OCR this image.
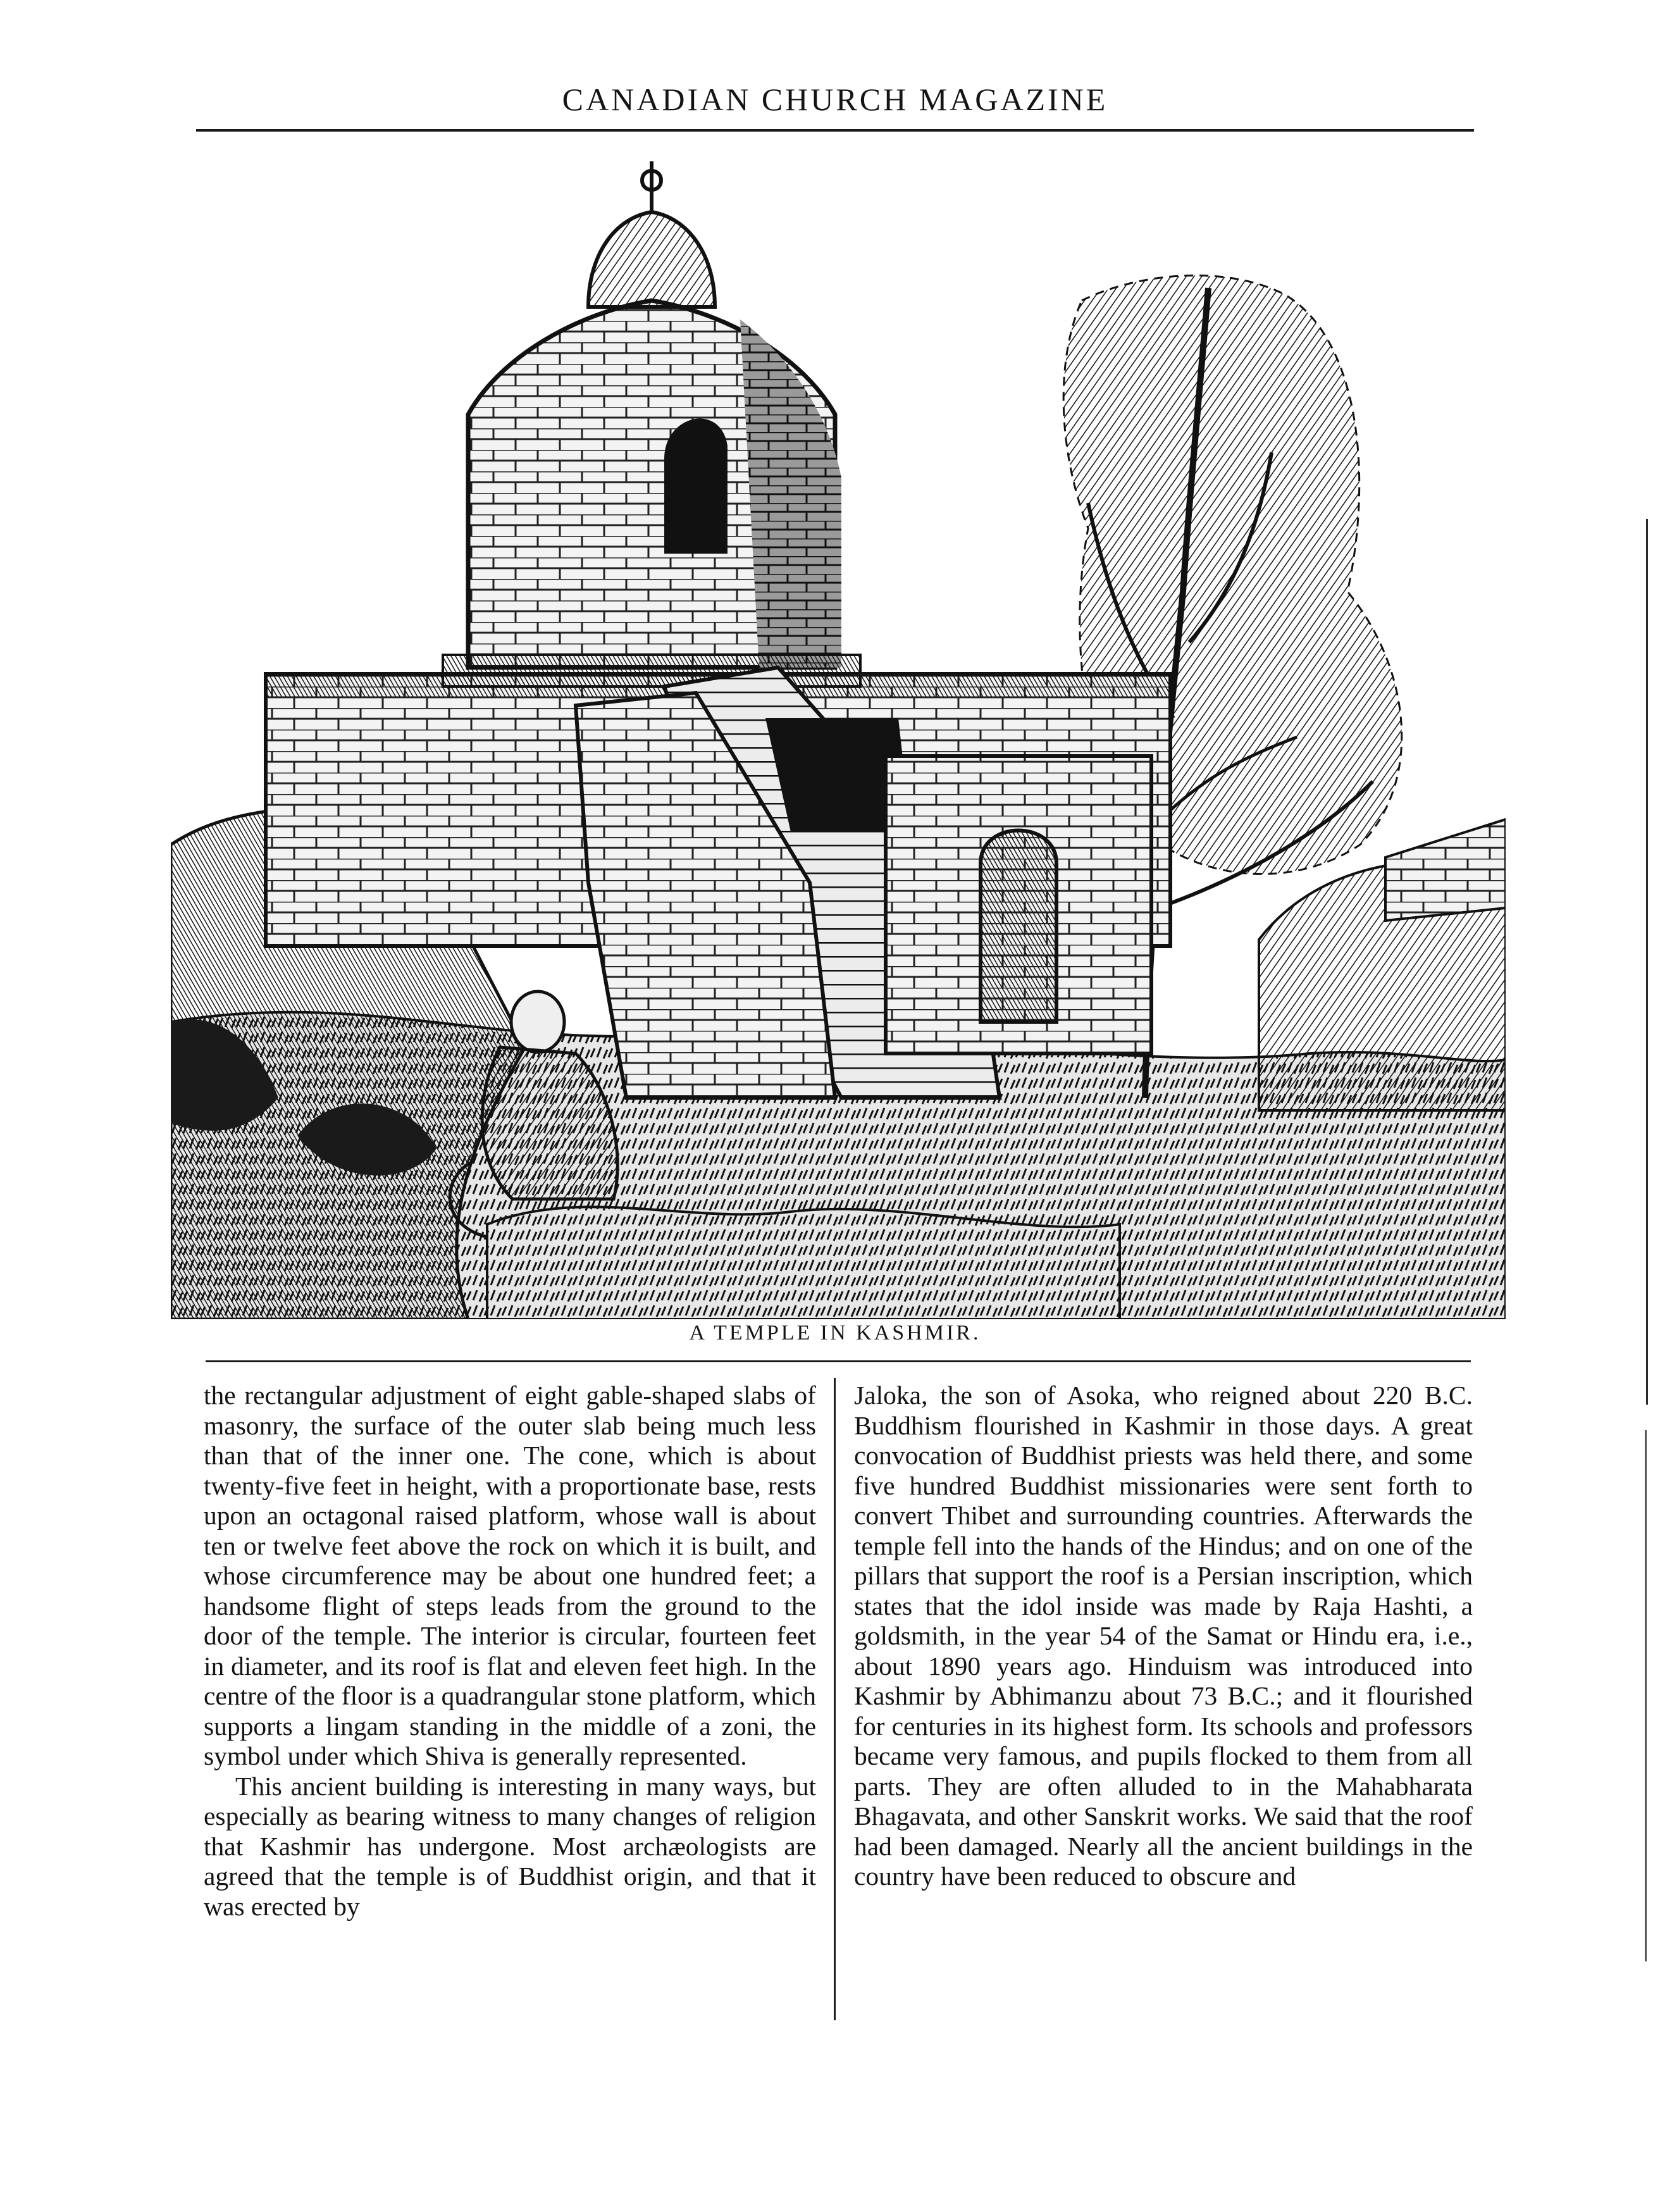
CANADIAN CHURCH MAGAZINE
A TEMPLE IN KASHMIR.

the rectangular adjustment of eight gable-shaped slabs of masonry, the surface of the outer slab being much less than that of the inner one. The cone, which is about twenty-five feet in height, with a proportionate base, rests upon an octagonal raised platform, whose wall is about ten or twelve feet above the rock on which it is built, and whose circumference may be about one hundred feet; a handsome flight of steps leads from the ground to the door of the temple. The interior is circular, fourteen feet in diameter, and its roof is flat and eleven feet high. In the centre of the floor is a quadrangular stone platform, which supports a lingam standing in the middle of a zoni, the symbol under which Shiva is generally represented.

This ancient building is interesting in many ways, but especially as bearing witness to many changes of religion that Kashmir has undergone. Most archæologists are agreed that the temple is of Buddhist origin, and that it was erected by

Jaloka, the son of Asoka, who reigned about 220 B.C. Buddhism flourished in Kashmir in those days. A great convocation of Buddhist priests was held there, and some five hundred Buddhist missionaries were sent forth to convert Thibet and surrounding countries. Afterwards the temple fell into the hands of the Hindus; and on one of the pillars that support the roof is a Persian inscription, which states that the idol inside was made by Raja Hashti, a goldsmith, in the year 54 of the Samat or Hindu era, i.e., about 1890 years ago. Hinduism was introduced into Kashmir by Abhimanzu about 73 B.C.; and it flourished for centuries in its highest form. Its schools and professors became very famous, and pupils flocked to them from all parts. They are often alluded to in the Mahabharata Bhagavata, and other Sanskrit works. We said that the roof had been damaged. Nearly all the ancient buildings in the country have been reduced to obscure and
